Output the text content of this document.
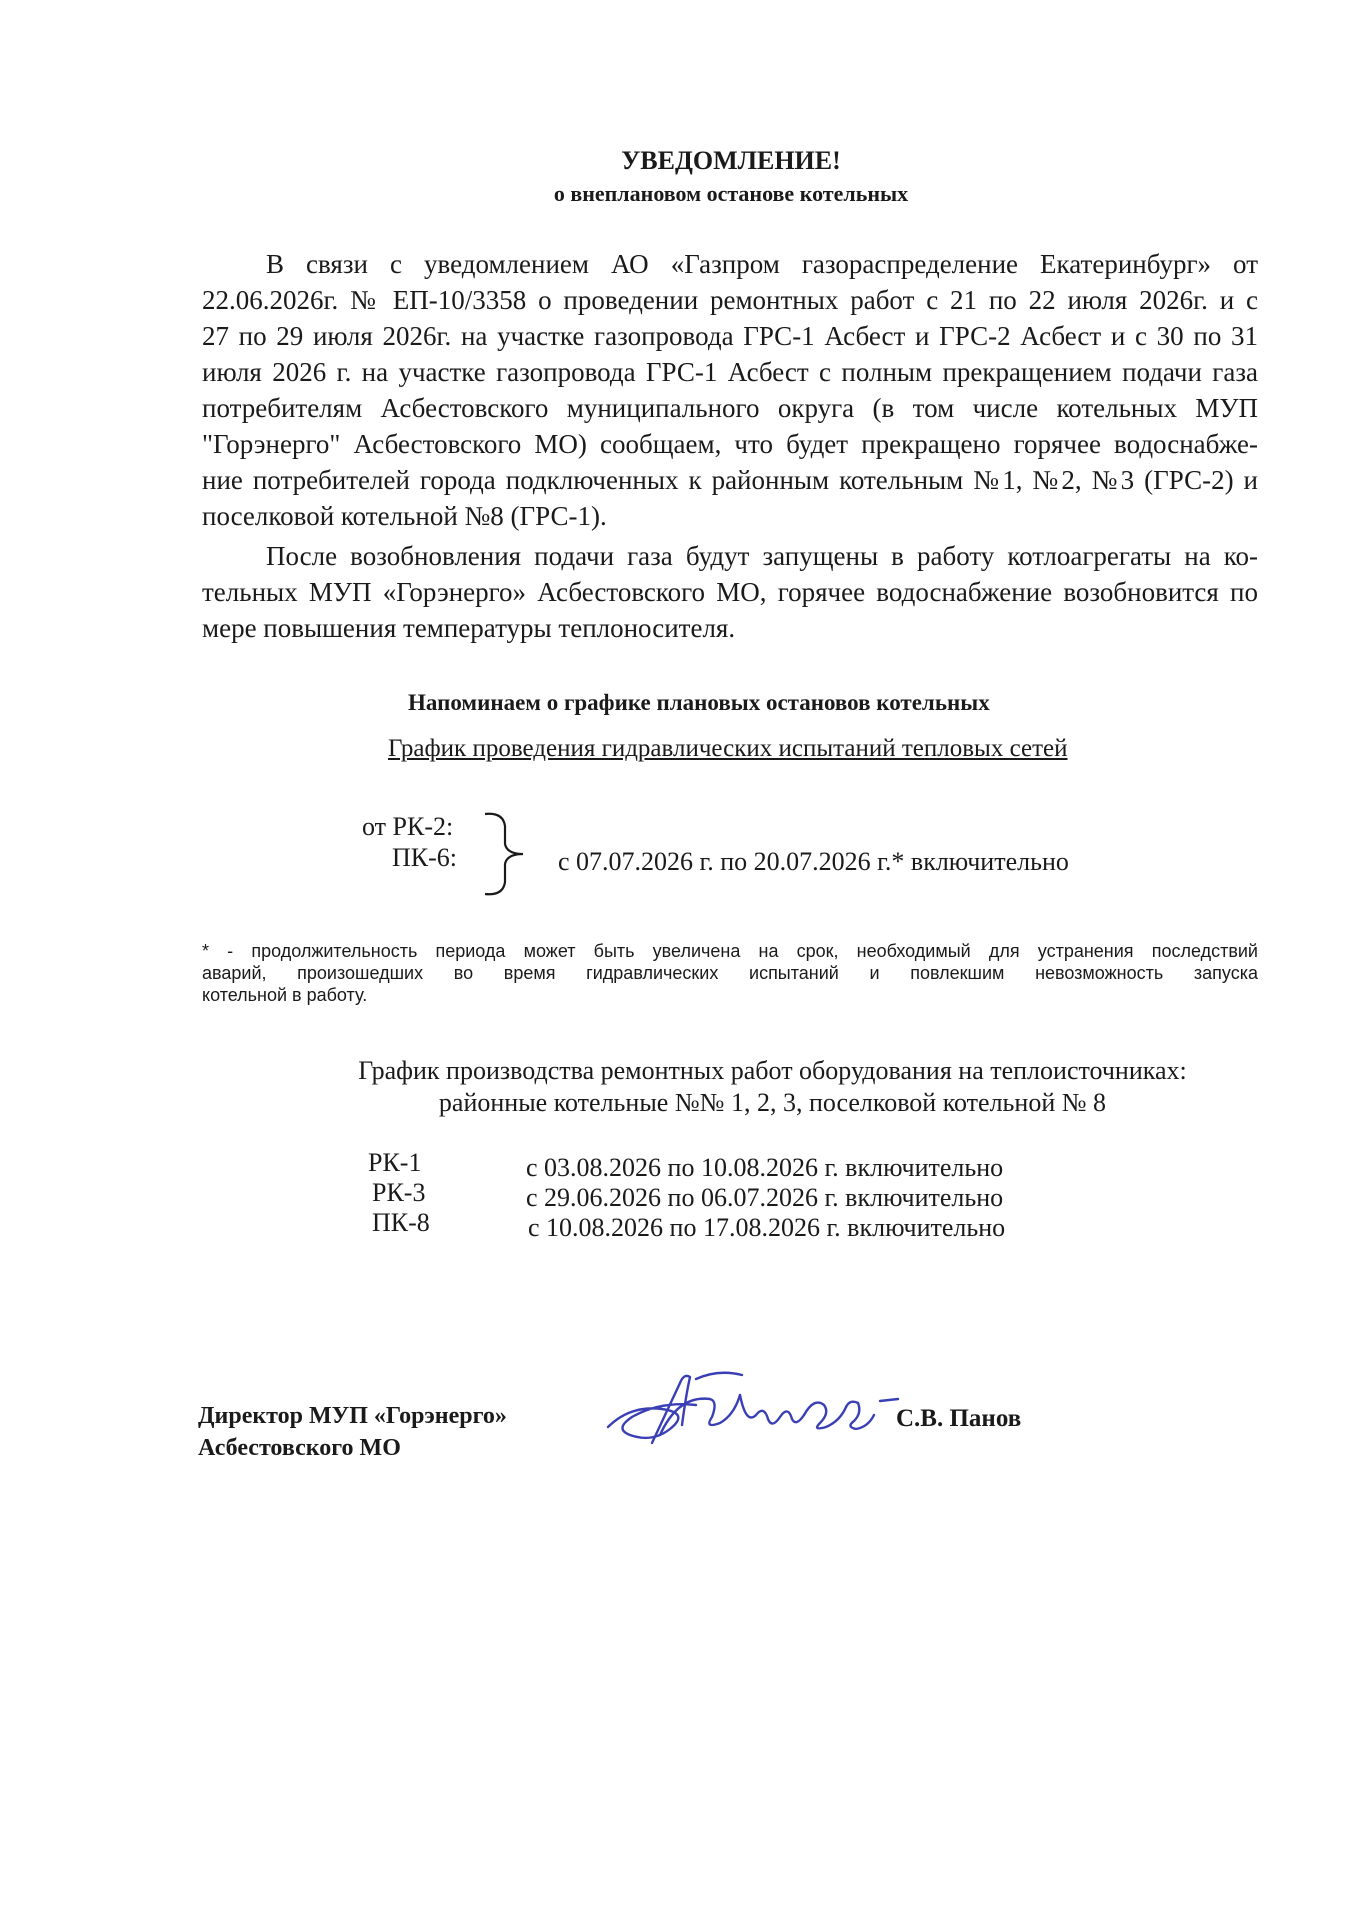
УВЕДОМЛЕНИЕ!
о внеплановом останове котельных
В связи с уведомлением АО «Газпром газораспределение Екатеринбург» от
22.06.2026г. № ЕП-10/3358 о проведении ремонтных работ с 21 по 22 июля 2026г. и с
27 по 29 июля 2026г. на участке газопровода ГРС-1 Асбест и ГРС-2 Асбест и с 30 по 31
июля 2026 г. на участке газопровода ГРС-1 Асбест с полным прекращением подачи газа
потребителям Асбестовского муниципального округа (в том числе котельных МУП
"Горэнерго" Асбестовского МО) сообщаем, что будет прекращено горячее водоснабже-
ние потребителей города подключенных к районным котельным №1, №2, №3 (ГРС-2) и
поселковой котельной №8 (ГРС-1).
После возобновления подачи газа будут запущены в работу котлоагрегаты на ко-
тельных МУП «Горэнерго» Асбестовского МО, горячее водоснабжение возобновится по
мере повышения температуры теплоносителя.
Напоминаем о графике плановых остановов котельных
График проведения гидравлических испытаний тепловых сетей
от РК-2:
ПК-6:	с 07.07.2026 г. по 20.07.2026 г.* включительно
* - продолжительность периода может быть увеличена на срок, необходимый для устранения последствий
аварий, произошедших во время гидравлических испытаний и повлекшим невозможность запуска
котельной в работу.
График производства ремонтных работ оборудования на теплоисточниках:
районные котельные №№ 1, 2, 3, поселковой котельной № 8
РК-1	с 03.08.2026 по 10.08.2026 г. включительно
РК-3	с 29.06.2026 по 06.07.2026 г. включительно
ПК-8	с 10.08.2026 по 17.08.2026 г. включительно
Директор МУП «Горэнерго»
Асбестовского МО
С.В. Панов
